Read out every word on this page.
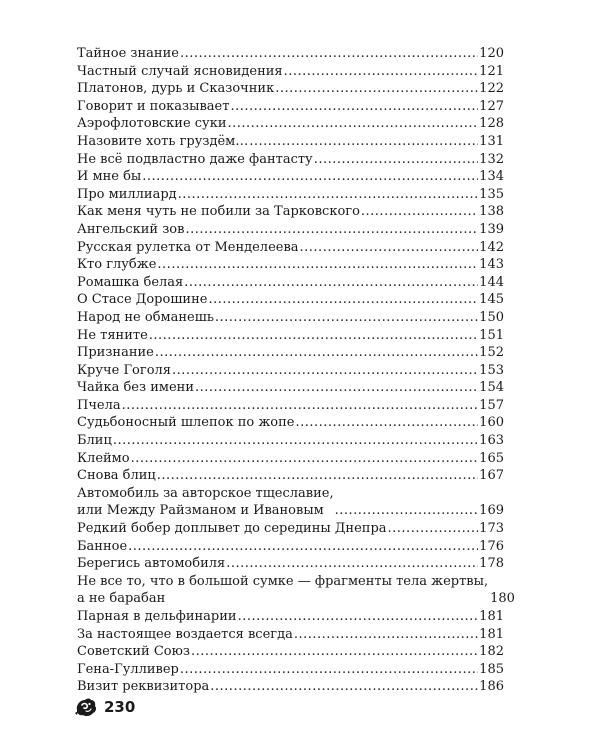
Тайное знание .....	120
Частный случай ясновидения .....	121
Платонов, дурь и Сказочник .....	122
Говорит и показывает .....	127
Аэрофлотовские суки .....	128
Назовите хоть груздём… .....	131
Не всё подвластно даже фантасту .....	132
И мне бы .....	134
Про миллиард .....	135
Как меня чуть не побили за Тарковского .....	138
Ангельский зов .....	139
Русская рулетка от Менделеева .....	142
Кто глубже .....	143
Ромашка белая .....	144
О Стасе Дорошине .....	145
Народ не обманешь .....	150
Не тяните .....	151
Признание .....	152
Круче Гоголя .....	153
Чайка без имени .....	154
Пчела .....	157
Судьбоносный шлепок по жопе .....	160
Блиц .....	163
Клеймо .....	165
Снова блиц .....	167
Автомобиль за авторское тщеславие,
или Между Райзманом и Ивановым .....	169
Редкий бобер доплывет до середины Днепра .....	173
Банное .....	176
Берегись автомобиля .....	178
Не все то, что в большой сумке — фрагменты тела жертвы,
а не барабан	180
Парная в дельфинарии .....	181
За настоящее воздается всегда .....	181
Советский Союз .....	182
Гена-Гулливер .....	185
Визит реквизитора .....	186
230
